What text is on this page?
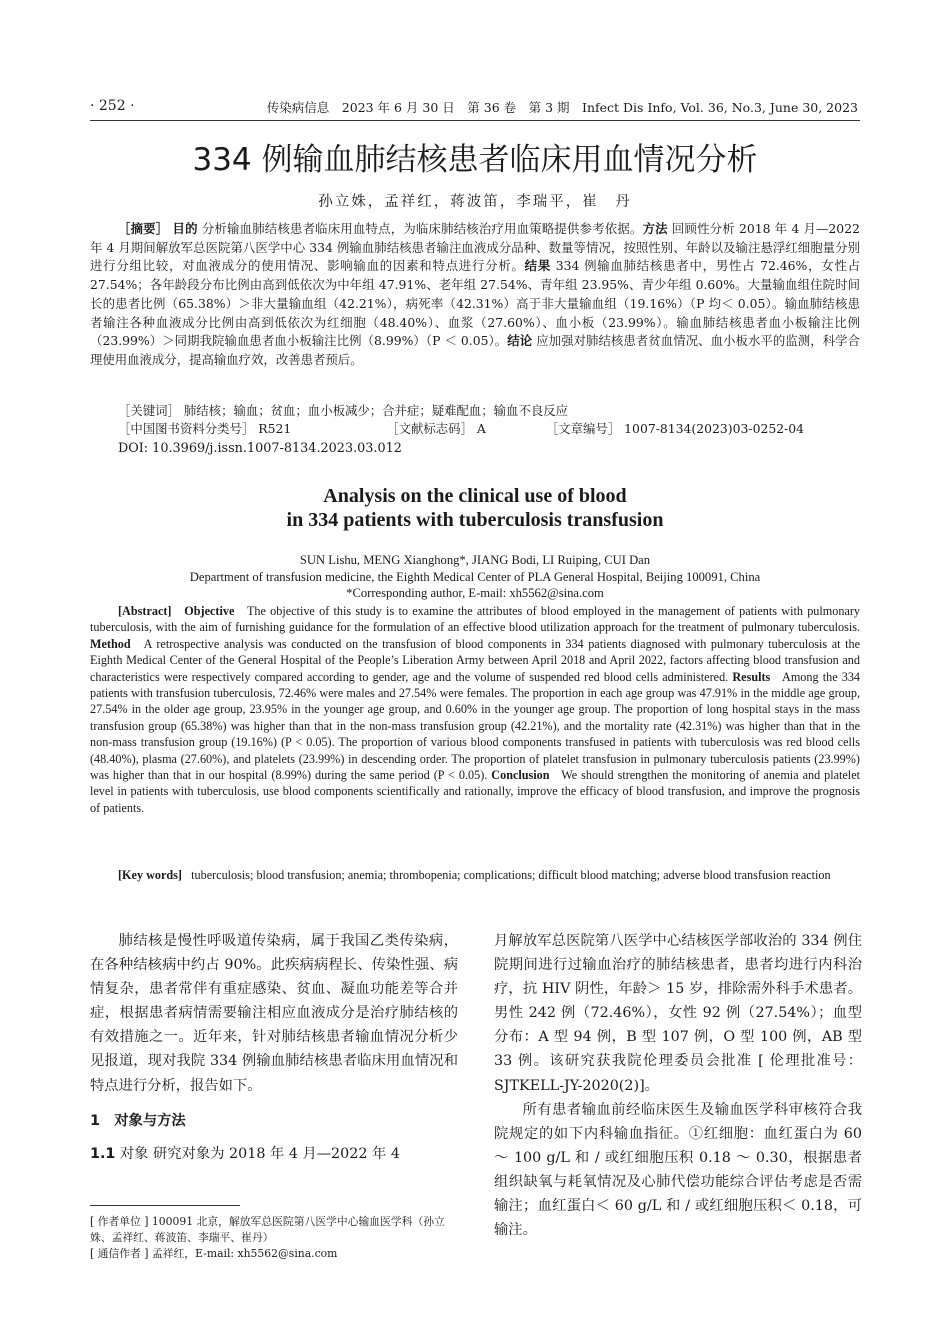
· 252 ·	传染病信息　2023 年 6 月 30 日　第 36 卷　第 3 期　Infect Dis Info, Vol. 36, No.3, June 30, 2023
334 例输血肺结核患者临床用血情况分析
孙立姝，孟祥红，蒋波笛，李瑞平，崔　丹
［摘要］ 目的 分析输血肺结核患者临床用血特点，为临床肺结核治疗用血策略提供参考依据。方法 回顾性分析 2018 年 4 月—2022 年 4 月期间解放军总医院第八医学中心 334 例输血肺结核患者输注血液成分品种、数量等情况，按照性别、年龄以及输注悬浮红细胞量分别进行分组比较，对血液成分的使用情况、影响输血的因素和特点进行分析。结果 334 例输血肺结核患者中，男性占 72.46%，女性占 27.54%；各年龄段分布比例由高到低依次为中年组 47.91%、老年组 27.54%、青年组 23.95%、青少年组 0.60%。大量输血组住院时间长的患者比例（65.38%）＞非大量输血组（42.21%），病死率（42.31%）高于非大量输血组（19.16%）（P 均＜ 0.05）。输血肺结核患者输注各种血液成分比例由高到低依次为红细胞（48.40%）、血浆（27.60%）、血小板（23.99%）。输血肺结核患者血小板输注比例（23.99%）＞同期我院输血患者血小板输注比例（8.99%）（P ＜ 0.05）。结论 应加强对肺结核患者贫血情况、血小板水平的监测，科学合理使用血液成分，提高输血疗效，改善患者预后。
［关键词］ 肺结核；输血；贫血；血小板减少；合并症；疑难配血；输血不良反应
［中国图书资料分类号］ R521	［文献标志码］ A	［文章编号］ 1007-8134(2023)03-0252-04
DOI: 10.3969/j.issn.1007-8134.2023.03.012
Analysis on the clinical use of blood
in 334 patients with tuberculosis transfusion
SUN Lishu, MENG Xianghong*, JIANG Bodi, LI Ruiping, CUI Dan
Department of transfusion medicine, the Eighth Medical Center of PLA General Hospital, Beijing 100091, China
*Corresponding author, E-mail: xh5562@sina.com
[Abstract] Objective The objective of this study is to examine the attributes of blood employed in the management of patients with pulmonary tuberculosis, with the aim of furnishing guidance for the formulation of an effective blood utilization approach for the treatment of pulmonary tuberculosis. Method A retrospective analysis was conducted on the transfusion of blood components in 334 patients diagnosed with pulmonary tuberculosis at the Eighth Medical Center of the General Hospital of the People’s Liberation Army between April 2018 and April 2022, factors affecting blood transfusion and characteristics were respectively compared according to gender, age and the volume of suspended red blood cells administered. Results Among the 334 patients with transfusion tuberculosis, 72.46% were males and 27.54% were females. The proportion in each age group was 47.91% in the middle age group, 27.54% in the older age group, 23.95% in the younger age group, and 0.60% in the younger age group. The proportion of long hospital stays in the mass transfusion group (65.38%) was higher than that in the non-mass transfusion group (42.21%), and the mortality rate (42.31%) was higher than that in the non-mass transfusion group (19.16%) (P < 0.05). The proportion of various blood components transfused in patients with tuberculosis was red blood cells (48.40%), plasma (27.60%), and platelets (23.99%) in descending order. The proportion of platelet transfusion in pulmonary tuberculosis patients (23.99%) was higher than that in our hospital (8.99%) during the same period (P < 0.05). Conclusion We should strengthen the monitoring of anemia and platelet level in patients with tuberculosis, use blood components scientifically and rationally, improve the efficacy of blood transfusion, and improve the prognosis of patients.
[Key words] tuberculosis; blood transfusion; anemia; thrombopenia; complications; difficult blood matching; adverse blood transfusion reaction

肺结核是慢性呼吸道传染病，属于我国乙类传染病，在各种结核病中约占 90%。此疾病病程长、传染性强、病情复杂，患者常伴有重症感染、贫血、凝血功能差等合并症，根据患者病情需要输注相应血液成分是治疗肺结核的有效措施之一。近年来，针对肺结核患者输血情况分析少见报道，现对我院 334 例输血肺结核患者临床用血情况和特点进行分析，报告如下。

1　对象与方法

1.1 对象 研究对象为 2018 年 4 月—2022 年 4

月解放军总医院第八医学中心结核医学部收治的 334 例住院期间进行过输血治疗的肺结核患者，患者均进行内科治疗，抗 HIV 阴性，年龄＞ 15 岁，排除需外科手术患者。男性 242 例（72.46%），女性 92 例（27.54%）；血型分布：A 型 94 例，B 型 107 例，O 型 100 例，AB 型 33 例。该研究获我院伦理委员会批准 [ 伦理批准号：SJTKELL-JY-2020(2)]。

所有患者输血前经临床医生及输血医学科审核符合我院规定的如下内科输血指征。①红细胞：血红蛋白为 60 ～ 100 g/L 和 / 或红细胞压积 0.18 ～ 0.30，根据患者组织缺氧与耗氧情况及心肺代偿功能综合评估考虑是否需输注；血红蛋白＜ 60 g/L 和 / 或红细胞压积＜ 0.18，可输注。

[ 作者单位 ] 100091 北京，解放军总医院第八医学中心输血医学科（孙立姝、孟祥红、蒋波笛、李瑞平、崔丹）
[ 通信作者 ] 孟祥红，E-mail: xh5562@sina.com
